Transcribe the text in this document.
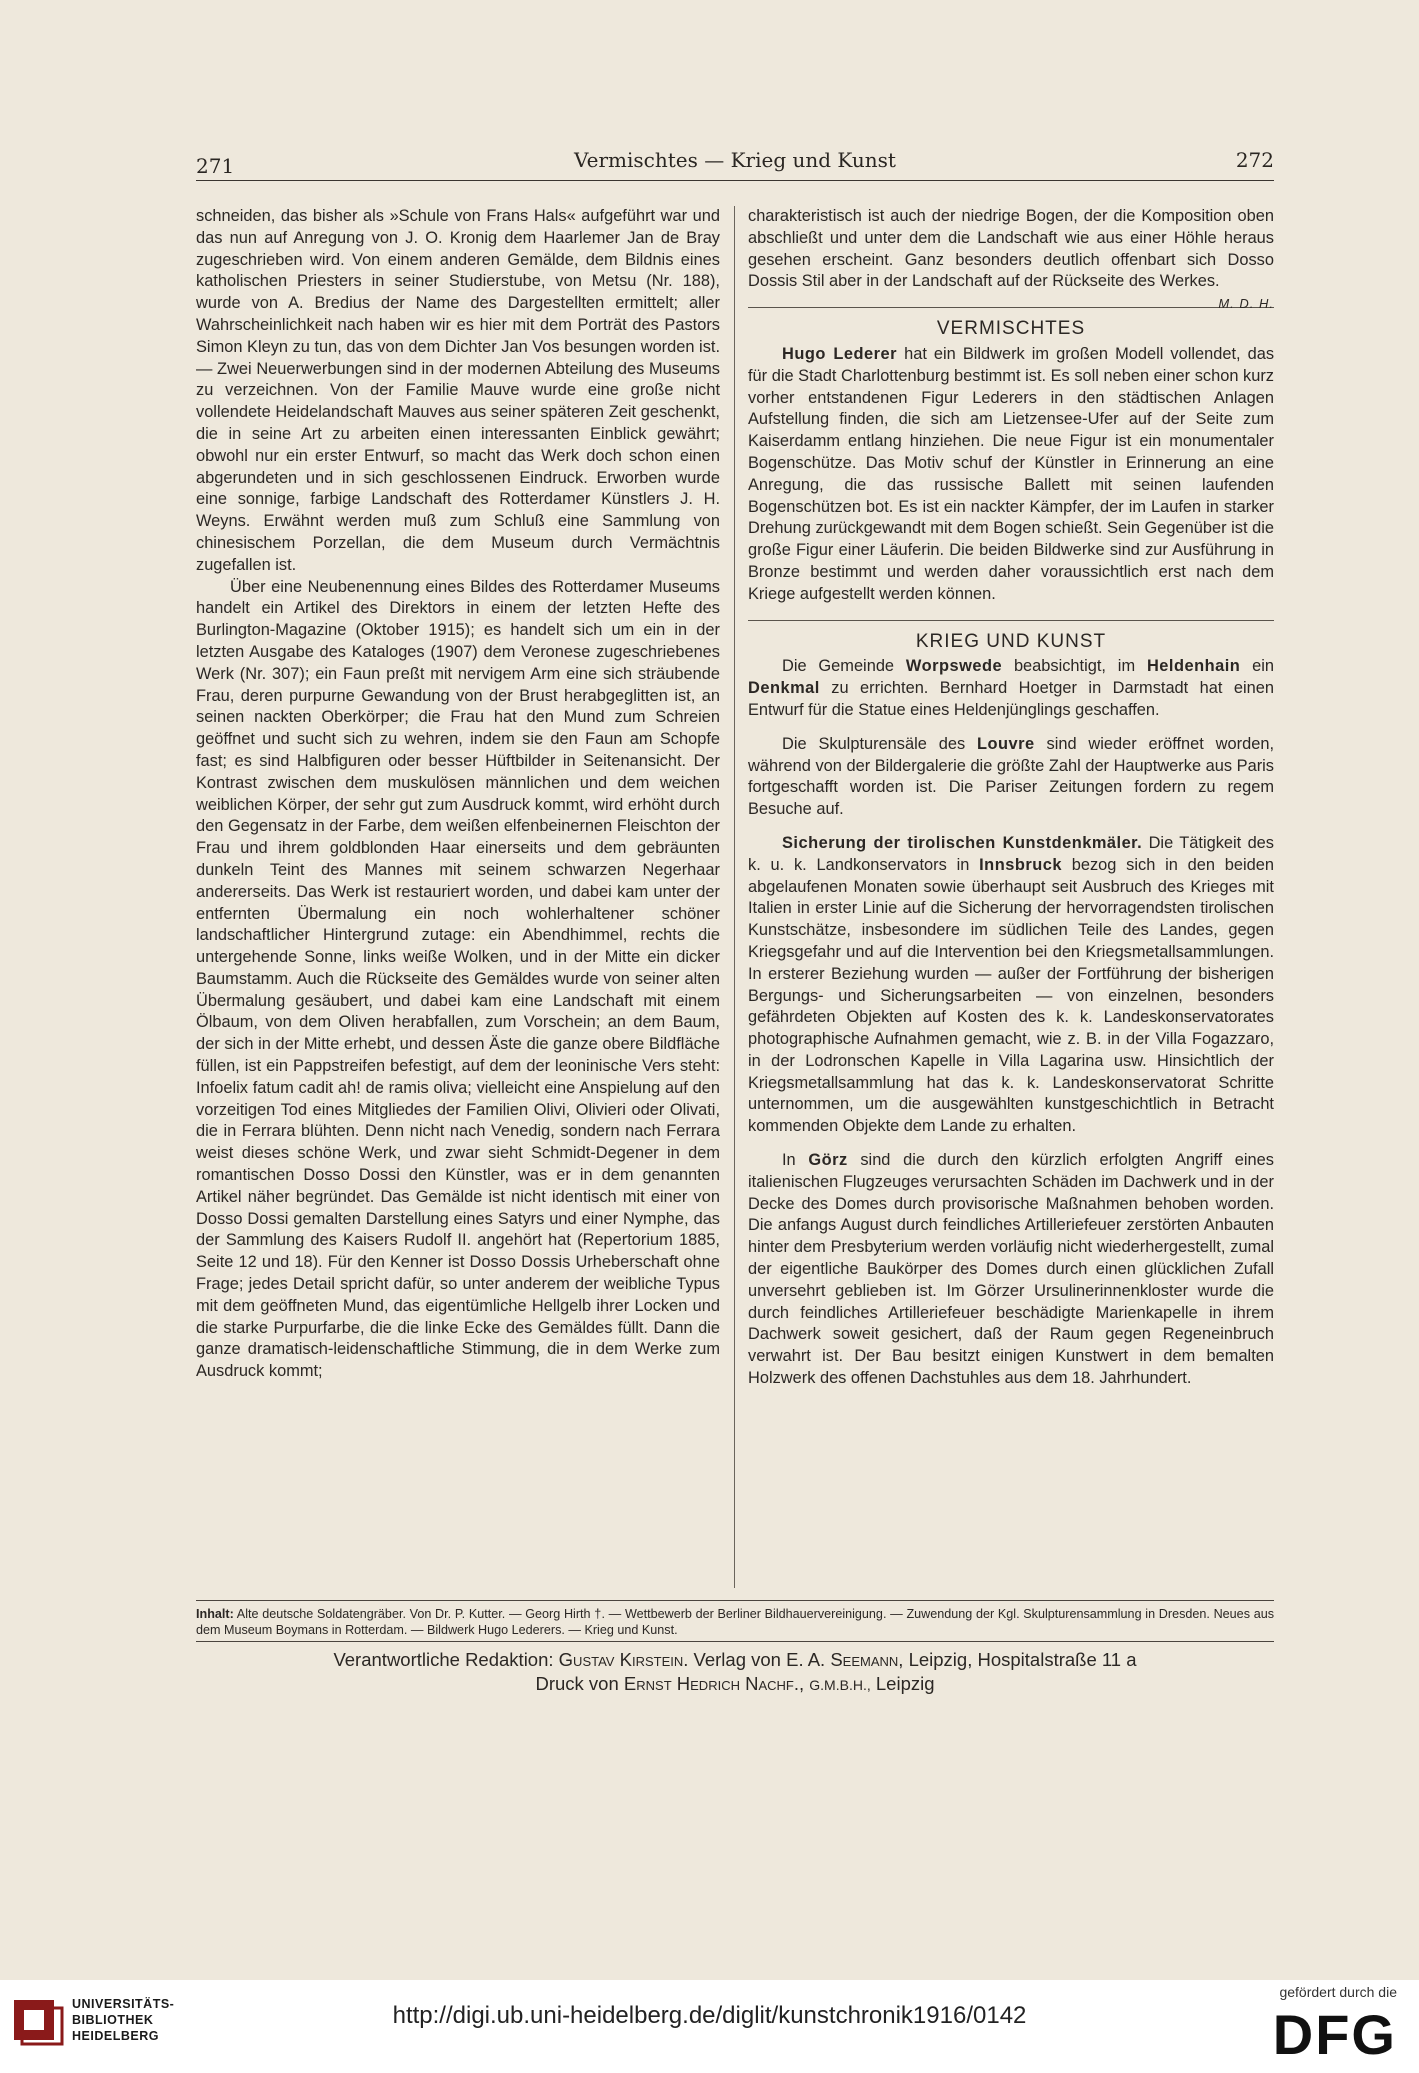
271	Vermischtes — Krieg und Kunst	272

schneiden, das bisher als »Schule von Frans Hals« aufgeführt war und das nun auf Anregung von J. O. Kronig dem Haarlemer Jan de Bray zugeschrieben wird. Von einem anderen Gemälde, dem Bildnis eines katholischen Priesters in seiner Studierstube, von Metsu (Nr. 188), wurde von A. Bredius der Name des Dargestellten ermittelt; aller Wahrscheinlichkeit nach haben wir es hier mit dem Porträt des Pastors Simon Kleyn zu tun, das von dem Dichter Jan Vos besungen worden ist. — Zwei Neuerwerbungen sind in der modernen Abteilung des Museums zu verzeichnen. Von der Familie Mauve wurde eine große nicht vollendete Heidelandschaft Mauves aus seiner späteren Zeit geschenkt, die in seine Art zu arbeiten einen interessanten Einblick gewährt; obwohl nur ein erster Entwurf, so macht das Werk doch schon einen abgerundeten und in sich geschlossenen Eindruck. Erworben wurde eine sonnige, farbige Landschaft des Rotterdamer Künstlers J. H. Weyns. Erwähnt werden muß zum Schluß eine Sammlung von chinesischem Porzellan, die dem Museum durch Vermächtnis zugefallen ist.

Über eine Neubenennung eines Bildes des Rotterdamer Museums handelt ein Artikel des Direktors in einem der letzten Hefte des Burlington-Magazine (Oktober 1915); es handelt sich um ein in der letzten Ausgabe des Kataloges (1907) dem Veronese zugeschriebenes Werk (Nr. 307); ein Faun preßt mit nervigem Arm eine sich sträubende Frau, deren purpurne Gewandung von der Brust herabgeglitten ist, an seinen nackten Oberkörper; die Frau hat den Mund zum Schreien geöffnet und sucht sich zu wehren, indem sie den Faun am Schopfe fast; es sind Halbfiguren oder besser Hüftbilder in Seitenansicht. Der Kontrast zwischen dem muskulösen männlichen und dem weichen weiblichen Körper, der sehr gut zum Ausdruck kommt, wird erhöht durch den Gegensatz in der Farbe, dem weißen elfenbeinernen Fleischton der Frau und ihrem goldblonden Haar einerseits und dem gebräunten dunkeln Teint des Mannes mit seinem schwarzen Negerhaar andererseits. Das Werk ist restauriert worden, und dabei kam unter der entfernten Übermalung ein noch wohlerhaltener schöner landschaftlicher Hintergrund zutage: ein Abendhimmel, rechts die untergehende Sonne, links weiße Wolken, und in der Mitte ein dicker Baumstamm. Auch die Rückseite des Gemäldes wurde von seiner alten Übermalung gesäubert, und dabei kam eine Landschaft mit einem Ölbaum, von dem Oliven herabfallen, zum Vorschein; an dem Baum, der sich in der Mitte erhebt, und dessen Äste die ganze obere Bildfläche füllen, ist ein Pappstreifen befestigt, auf dem der leoninische Vers steht: Infoelix fatum cadit ah! de ramis oliva; vielleicht eine Anspielung auf den vorzeitigen Tod eines Mitgliedes der Familien Olivi, Olivieri oder Olivati, die in Ferrara blühten. Denn nicht nach Venedig, sondern nach Ferrara weist dieses schöne Werk, und zwar sieht Schmidt-Degener in dem romantischen Dosso Dossi den Künstler, was er in dem genannten Artikel näher begründet. Das Gemälde ist nicht identisch mit einer von Dosso Dossi gemalten Darstellung eines Satyrs und einer Nymphe, das der Sammlung des Kaisers Rudolf II. angehört hat (Repertorium 1885, Seite 12 und 18). Für den Kenner ist Dosso Dossis Urheberschaft ohne Frage; jedes Detail spricht dafür, so unter anderem der weibliche Typus mit dem geöffneten Mund, das eigentümliche Hellgelb ihrer Locken und die starke Purpurfarbe, die die linke Ecke des Gemäldes füllt. Dann die ganze dramatisch-leidenschaftliche Stimmung, die in dem Werke zum Ausdruck kommt;

charakteristisch ist auch der niedrige Bogen, der die Komposition oben abschließt und unter dem die Landschaft wie aus einer Höhle heraus gesehen erscheint. Ganz besonders deutlich offenbart sich Dosso Dossis Stil aber in der Landschaft auf der Rückseite des Werkes.
M. D. H.

VERMISCHTES

Hugo Lederer hat ein Bildwerk im großen Modell vollendet, das für die Stadt Charlottenburg bestimmt ist. Es soll neben einer schon kurz vorher entstandenen Figur Lederers in den städtischen Anlagen Aufstellung finden, die sich am Lietzensee-Ufer auf der Seite zum Kaiserdamm entlang hinziehen. Die neue Figur ist ein monumentaler Bogenschütze. Das Motiv schuf der Künstler in Erinnerung an eine Anregung, die das russische Ballett mit seinen laufenden Bogenschützen bot. Es ist ein nackter Kämpfer, der im Laufen in starker Drehung zurückgewandt mit dem Bogen schießt. Sein Gegenüber ist die große Figur einer Läuferin. Die beiden Bildwerke sind zur Ausführung in Bronze bestimmt und werden daher voraussichtlich erst nach dem Kriege aufgestellt werden können.

KRIEG UND KUNST

Die Gemeinde Worpswede beabsichtigt, im Heldenhain ein Denkmal zu errichten. Bernhard Hoetger in Darmstadt hat einen Entwurf für die Statue eines Heldenjünglings geschaffen.

Die Skulpturensäle des Louvre sind wieder eröffnet worden, während von der Bildergalerie die größte Zahl der Hauptwerke aus Paris fortgeschafft worden ist. Die Pariser Zeitungen fordern zu regem Besuche auf.

Sicherung der tirolischen Kunstdenkmäler. Die Tätigkeit des k. u. k. Landkonservators in Innsbruck bezog sich in den beiden abgelaufenen Monaten sowie überhaupt seit Ausbruch des Krieges mit Italien in erster Linie auf die Sicherung der hervorragendsten tirolischen Kunstschätze, insbesondere im südlichen Teile des Landes, gegen Kriegsgefahr und auf die Intervention bei den Kriegsmetallsammlungen. In ersterer Beziehung wurden — außer der Fortführung der bisherigen Bergungs- und Sicherungsarbeiten — von einzelnen, besonders gefährdeten Objekten auf Kosten des k. k. Landeskonservatorates photographische Aufnahmen gemacht, wie z. B. in der Villa Fogazzaro, in der Lodronschen Kapelle in Villa Lagarina usw. Hinsichtlich der Kriegsmetallsammlung hat das k. k. Landeskonservatorat Schritte unternommen, um die ausgewählten kunstgeschichtlich in Betracht kommenden Objekte dem Lande zu erhalten.

In Görz sind die durch den kürzlich erfolgten Angriff eines italienischen Flugzeuges verursachten Schäden im Dachwerk und in der Decke des Domes durch provisorische Maßnahmen behoben worden. Die anfangs August durch feindliches Artilleriefeuer zerstörten Anbauten hinter dem Presbyterium werden vorläufig nicht wiederhergestellt, zumal der eigentliche Baukörper des Domes durch einen glücklichen Zufall unversehrt geblieben ist. Im Görzer Ursulinerinnenkloster wurde die durch feindliches Artilleriefeuer beschädigte Marienkapelle in ihrem Dachwerk soweit gesichert, daß der Raum gegen Regeneinbruch verwahrt ist. Der Bau besitzt einigen Kunstwert in dem bemalten Holzwerk des offenen Dachstuhles aus dem 18. Jahrhundert.

Inhalt: Alte deutsche Soldatengräber. Von Dr. P. Kutter. — Georg Hirth †. — Wettbewerb der Berliner Bildhauervereinigung. — Zuwendung der Kgl. Skulpturensammlung in Dresden. Neues aus dem Museum Boymans in Rotterdam. — Bildwerk Hugo Lederers. — Krieg und Kunst.
Verantwortliche Redaktion: Gustav Kirstein. Verlag von E. A. Seemann, Leipzig, Hospitalstraße 11 a
Druck von Ernst Hedrich Nachf., G.M.B.H., Leipzig
UNIVERSITÄTS-
BIBLIOTHEK
HEIDELBERG
http://digi.ub.uni-heidelberg.de/diglit/kunstchronik1916/0142
gefördert durch die
DFG
